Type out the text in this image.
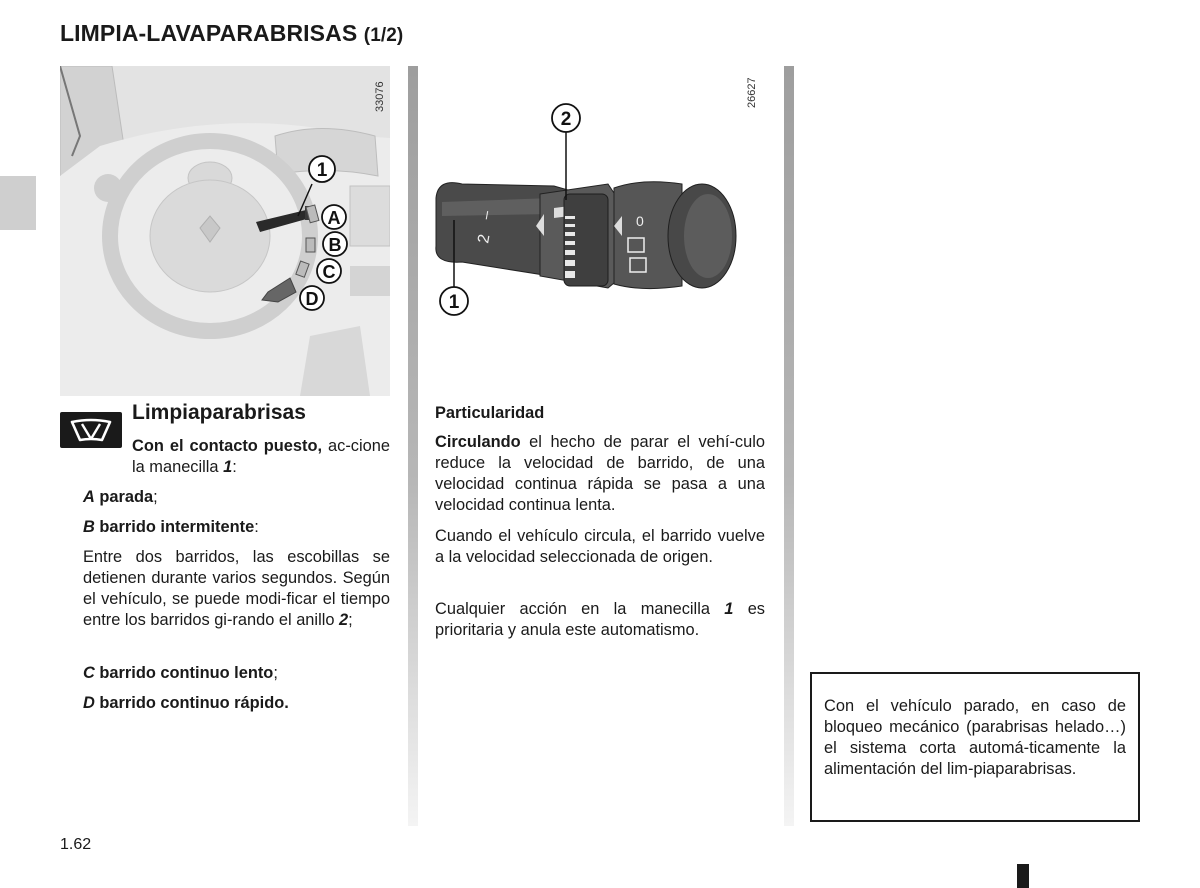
LIMPIA-LAVAPARABRISAS (1/2)
1
A
B
C
D
33076
–
2
0
2
1
26627
Limpiaparabrisas
Con el contacto puesto, ac-cione la manecilla 1:
A parada;
B barrido intermitente:
Entre dos barridos, las escobillas se detienen durante varios segundos. Según el vehículo, se puede modi-ficar el tiempo entre los barridos gi-rando el anillo 2;
C barrido continuo lento;
D barrido continuo rápido.
Particularidad
Circulando el hecho de parar el vehí-culo reduce la velocidad de barrido, de una velocidad continua rápida se pasa a una velocidad continua lenta.
Cuando el vehículo circula, el barrido vuelve a la velocidad seleccionada de origen.
Cualquier acción en la manecilla 1 es prioritaria y anula este automatismo.
Con el vehículo parado, en caso de bloqueo mecánico (parabrisas helado…) el sistema corta automá-ticamente la alimentación del lim-piaparabrisas.
1.62
